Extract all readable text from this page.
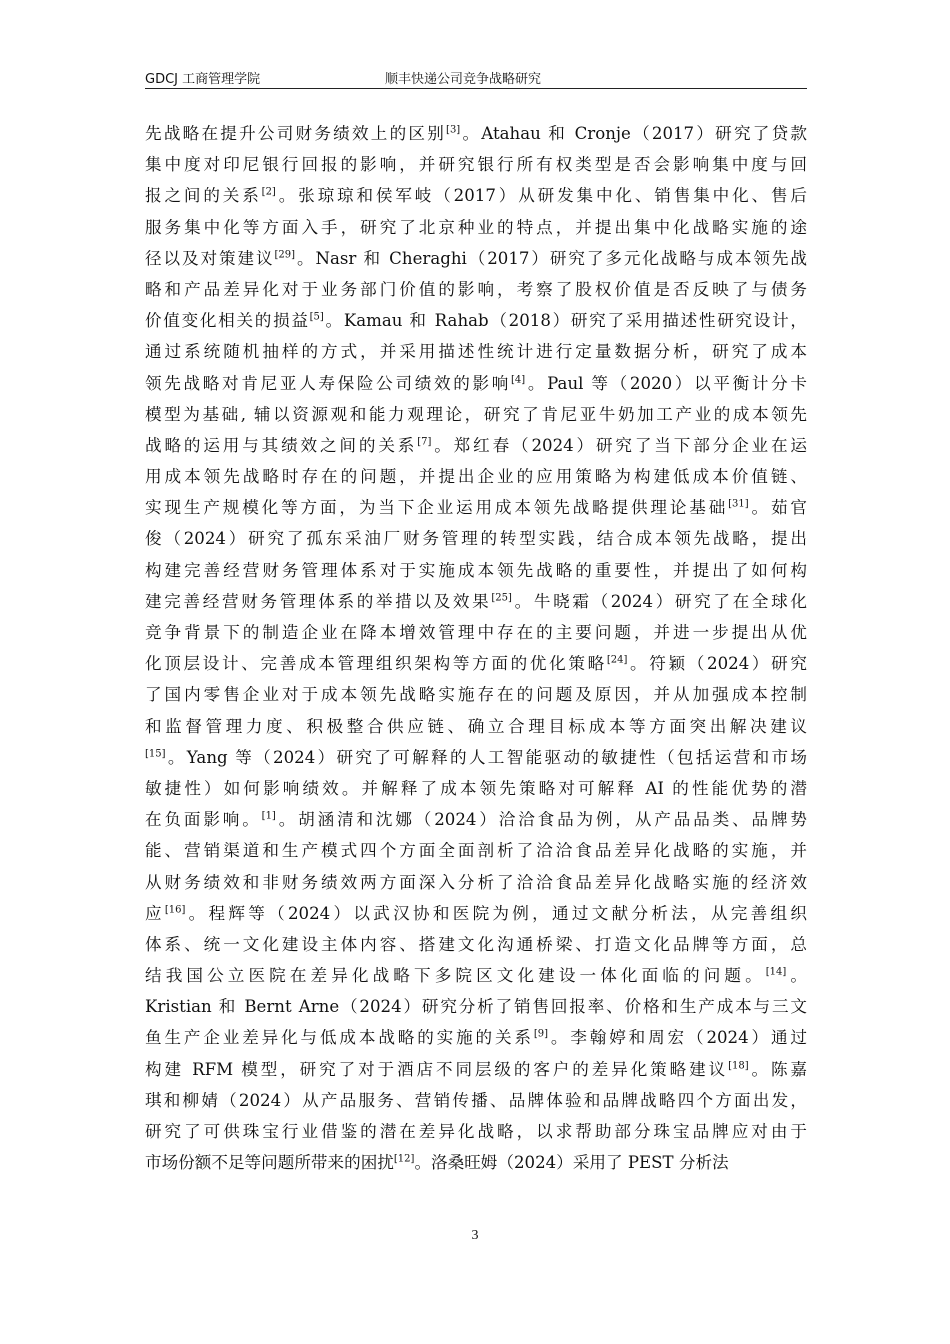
GDCJ 工商管理学院	顺丰快递公司竞争战略研究
先战略在提升公司财务绩效上的区别[3]。Atahau 和 Cronje（2017）研究了贷款
集中度对印尼银行回报的影响，并研究银行所有权类型是否会影响集中度与回
报之间的关系[2]。张琼琼和侯军岐（2017）从研发集中化、销售集中化、售后
服务集中化等方面入手，研究了北京种业的特点，并提出集中化战略实施的途
径以及对策建议[29]。Nasr 和 Cheraghi（2017）研究了多元化战略与成本领先战
略和产品差异化对于业务部门价值的影响，考察了股权价值是否反映了与债务
价值变化相关的损益[5]。Kamau 和 Rahab（2018）研究了采用描述性研究设计，
通过系统随机抽样的方式，并采用描述性统计进行定量数据分析，研究了成本
领先战略对肯尼亚人寿保险公司绩效的影响[4]。Paul 等（2020）以平衡计分卡
模型为基础, 辅以资源观和能力观理论，研究了肯尼亚牛奶加工产业的成本领先
战略的运用与其绩效之间的关系[7]。郑红春（2024）研究了当下部分企业在运
用成本领先战略时存在的问题，并提出企业的应用策略为构建低成本价值链、
实现生产规模化等方面，为当下企业运用成本领先战略提供理论基础[31]。茹官
俊（2024）研究了孤东采油厂财务管理的转型实践，结合成本领先战略，提出
构建完善经营财务管理体系对于实施成本领先战略的重要性，并提出了如何构
建完善经营财务管理体系的举措以及效果[25]。牛晓霜（2024）研究了在全球化
竞争背景下的制造企业在降本增效管理中存在的主要问题，并进一步提出从优
化顶层设计、完善成本管理组织架构等方面的优化策略[24]。符颖（2024）研究
了国内零售企业对于成本领先战略实施存在的问题及原因，并从加强成本控制
和监督管理力度、积极整合供应链、确立合理目标成本等方面突出解决建议
[15]。Yang 等（2024）研究了可解释的人工智能驱动的敏捷性（包括运营和市场
敏捷性）如何影响绩效。并解释了成本领先策略对可解释 AI 的性能优势的潜
在负面影响。[1]。胡涵清和沈娜（2024）洽洽食品为例，从产品品类、品牌势
能、营销渠道和生产模式四个方面全面剖析了洽洽食品差异化战略的实施，并
从财务绩效和非财务绩效两方面深入分析了洽洽食品差异化战略实施的经济效
应[16]。程辉等（2024）以武汉协和医院为例，通过文献分析法，从完善组织
体系、统一文化建设主体内容、搭建文化沟通桥梁、打造文化品牌等方面，总
结我国公立医院在差异化战略下多院区文化建设一体化面临的问题。[14]。
Kristian 和 Bernt Arne（2024）研究分析了销售回报率、价格和生产成本与三文
鱼生产企业差异化与低成本战略的实施的关系[9]。李翰婷和周宏（2024）通过
构建 RFM 模型，研究了对于酒店不同层级的客户的差异化策略建议[18]。陈嘉
琪和柳婧（2024）从产品服务、营销传播、品牌体验和品牌战略四个方面出发，
研究了可供珠宝行业借鉴的潜在差异化战略，以求帮助部分珠宝品牌应对由于
市场份额不足等问题所带来的困扰[12]。洛桑旺姆（2024）采用了 PEST 分析法
3
